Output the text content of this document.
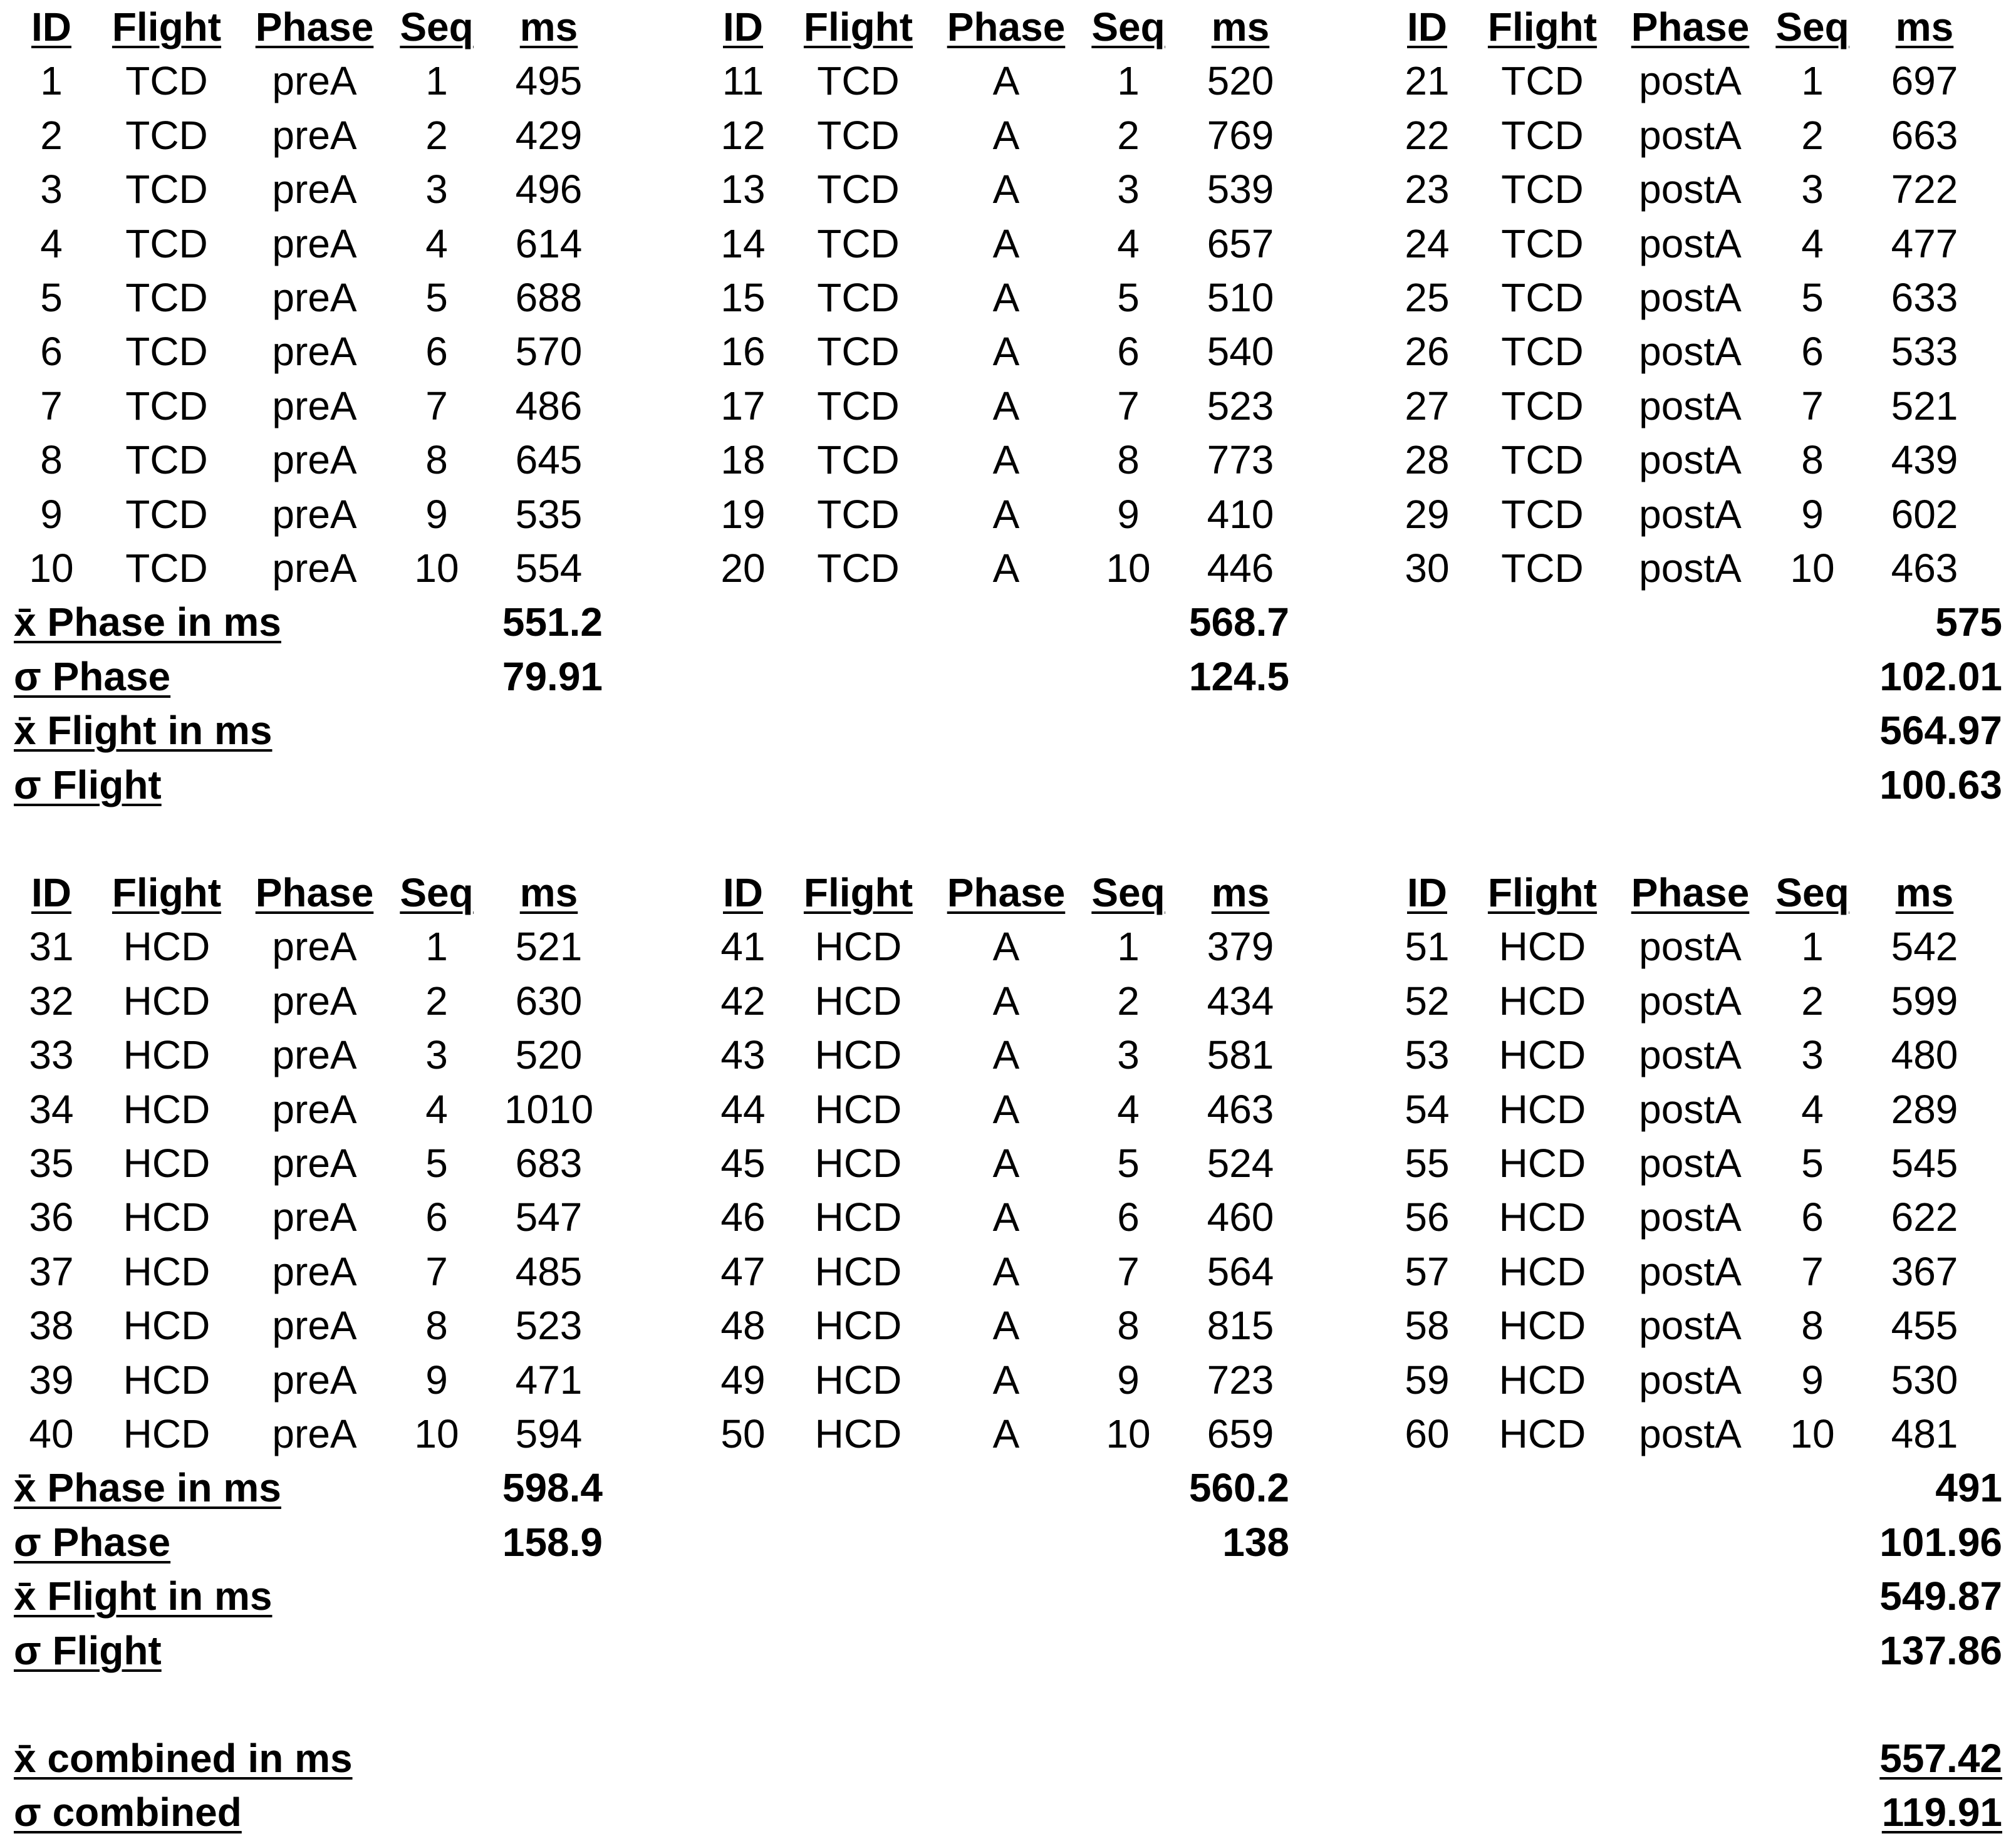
ID Flight Phase Seq ms	ID Flight Phase Seq ms	ID Flight Phase Seq ms
1 TCD preA 1 495	11 TCD A 1 520	21 TCD postA 1 697
2 TCD preA 2 429	12 TCD A 2 769	22 TCD postA 2 663
3 TCD preA 3 496	13 TCD A 3 539	23 TCD postA 3 722
4 TCD preA 4 614	14 TCD A 4 657	24 TCD postA 4 477
5 TCD preA 5 688	15 TCD A 5 510	25 TCD postA 5 633
6 TCD preA 6 570	16 TCD A 6 540	26 TCD postA 6 533
7 TCD preA 7 486	17 TCD A 7 523	27 TCD postA 7 521
8 TCD preA 8 645	18 TCD A 8 773	28 TCD postA 8 439
9 TCD preA 9 535	19 TCD A 9 410	29 TCD postA 9 602
10 TCD preA 10 554	20 TCD A 10 446	30 TCD postA 10 463
x̄ Phase in ms	551.2	568.7	575
σ Phase	79.91	124.5	102.01
x̄ Flight in ms	564.97
σ Flight	100.63
ID Flight Phase Seq ms	ID Flight Phase Seq ms	ID Flight Phase Seq ms
31 HCD preA 1 521	41 HCD A 1 379	51 HCD postA 1 542
32 HCD preA 2 630	42 HCD A 2 434	52 HCD postA 2 599
33 HCD preA 3 520	43 HCD A 3 581	53 HCD postA 3 480
34 HCD preA 4 1010	44 HCD A 4 463	54 HCD postA 4 289
35 HCD preA 5 683	45 HCD A 5 524	55 HCD postA 5 545
36 HCD preA 6 547	46 HCD A 6 460	56 HCD postA 6 622
37 HCD preA 7 485	47 HCD A 7 564	57 HCD postA 7 367
38 HCD preA 8 523	48 HCD A 8 815	58 HCD postA 8 455
39 HCD preA 9 471	49 HCD A 9 723	59 HCD postA 9 530
40 HCD preA 10 594	50 HCD A 10 659	60 HCD postA 10 481
x̄ Phase in ms	598.4	560.2	491
σ Phase	158.9	138	101.96
x̄ Flight in ms	549.87
σ Flight	137.86
x̄ combined in ms	557.42
σ combined	119.91
